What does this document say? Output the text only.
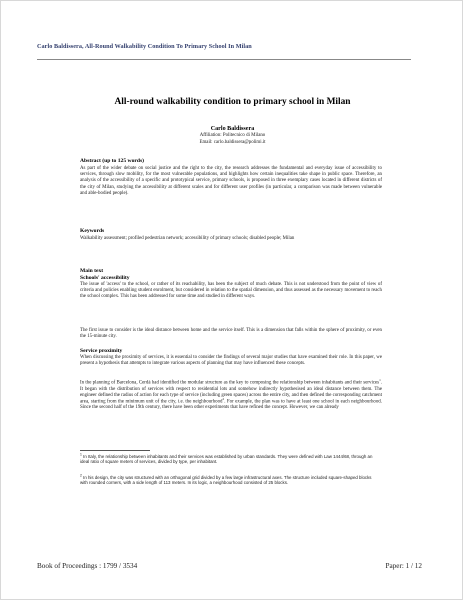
Carlo Baldissera, All-Round Walkability Condition To Primary School In Milan
All-round walkability condition to primary school in Milan
Carlo Baldissera
Affiliation: Politecnico di Milano
Email: carlo.baldissera@polimi.it
Abstract (up to 125 words)
As part of the wider debate on social justice and the right to the city, the research addresses the fundamental and everyday issue of accessibility to services, through slow mobility, for the most vulnerable populations, and highlights how certain inequalities take shape in public space. Therefore, an analysis of the accessibility of a specific and prototypical service, primary schools, is proposed in three exemplary cases located in different districts of the city of Milan, studying the accessibility at different scales and for different user profiles (in particular, a comparison was made between vulnerable and able-bodied people).
Keywords
Walkability assessment; profiled pedestrian network; accessibility of primary schools; disabled people; Milan
Main text
Schools' accessibility
The issue of 'access' to the school, or rather of its reachability, has been the subject of much debate. This is not understood from the point of view of criteria and policies enabling student enrolment, but considered in relation to the spatial dimension, and thus assessed as the necessary movement to reach the school complex. This has been addressed for some time and studied in different ways.
The first issue to consider is the ideal distance between home and the service itself. This is a dimension that falls within the sphere of proximity, or even the 15-minute city.
Service proximity
When discussing the proximity of services, it is essential to consider the findings of several major studies that have examined their role. In this paper, we present a hypothesis that attempts to integrate various aspects of planning that may have influenced these concepts.
In the planning of Barcelona, Cerdà had identified the modular structure as the key to composing the relationship between inhabitants and their services$^1$. It began with the distribution of services with respect to residential lots and somehow indirectly hypothesised an ideal distance between them. The engineer defined the radius of action for each type of service (including green spaces) across the entire city, and then defined the corresponding catchment area, starting from the minimum unit of the city, i.e. the neighbourhood$^2$. For example, the plan was to have at least one school in each neighbourhood. Since the second half of the 19th century, there have been other experiments that have refined the concept. However, we can already
$^1$ In Italy, the relationship between inhabitants and their services was established by urban standards. They were defined with Law 1444/68, through an ideal ratio of square meters of services, divided by type, per inhabitant.
$^2$ In his design, the city was structured with an orthogonal grid divided by a few large infrastructural axes. The structure included square-shaped blocks with rounded corners, with a side length of 113 meters. In its logic, a neighbourhood consisted of 25 blocks.
Book of Proceedings : 1799 / 3534	Paper: 1 / 12
